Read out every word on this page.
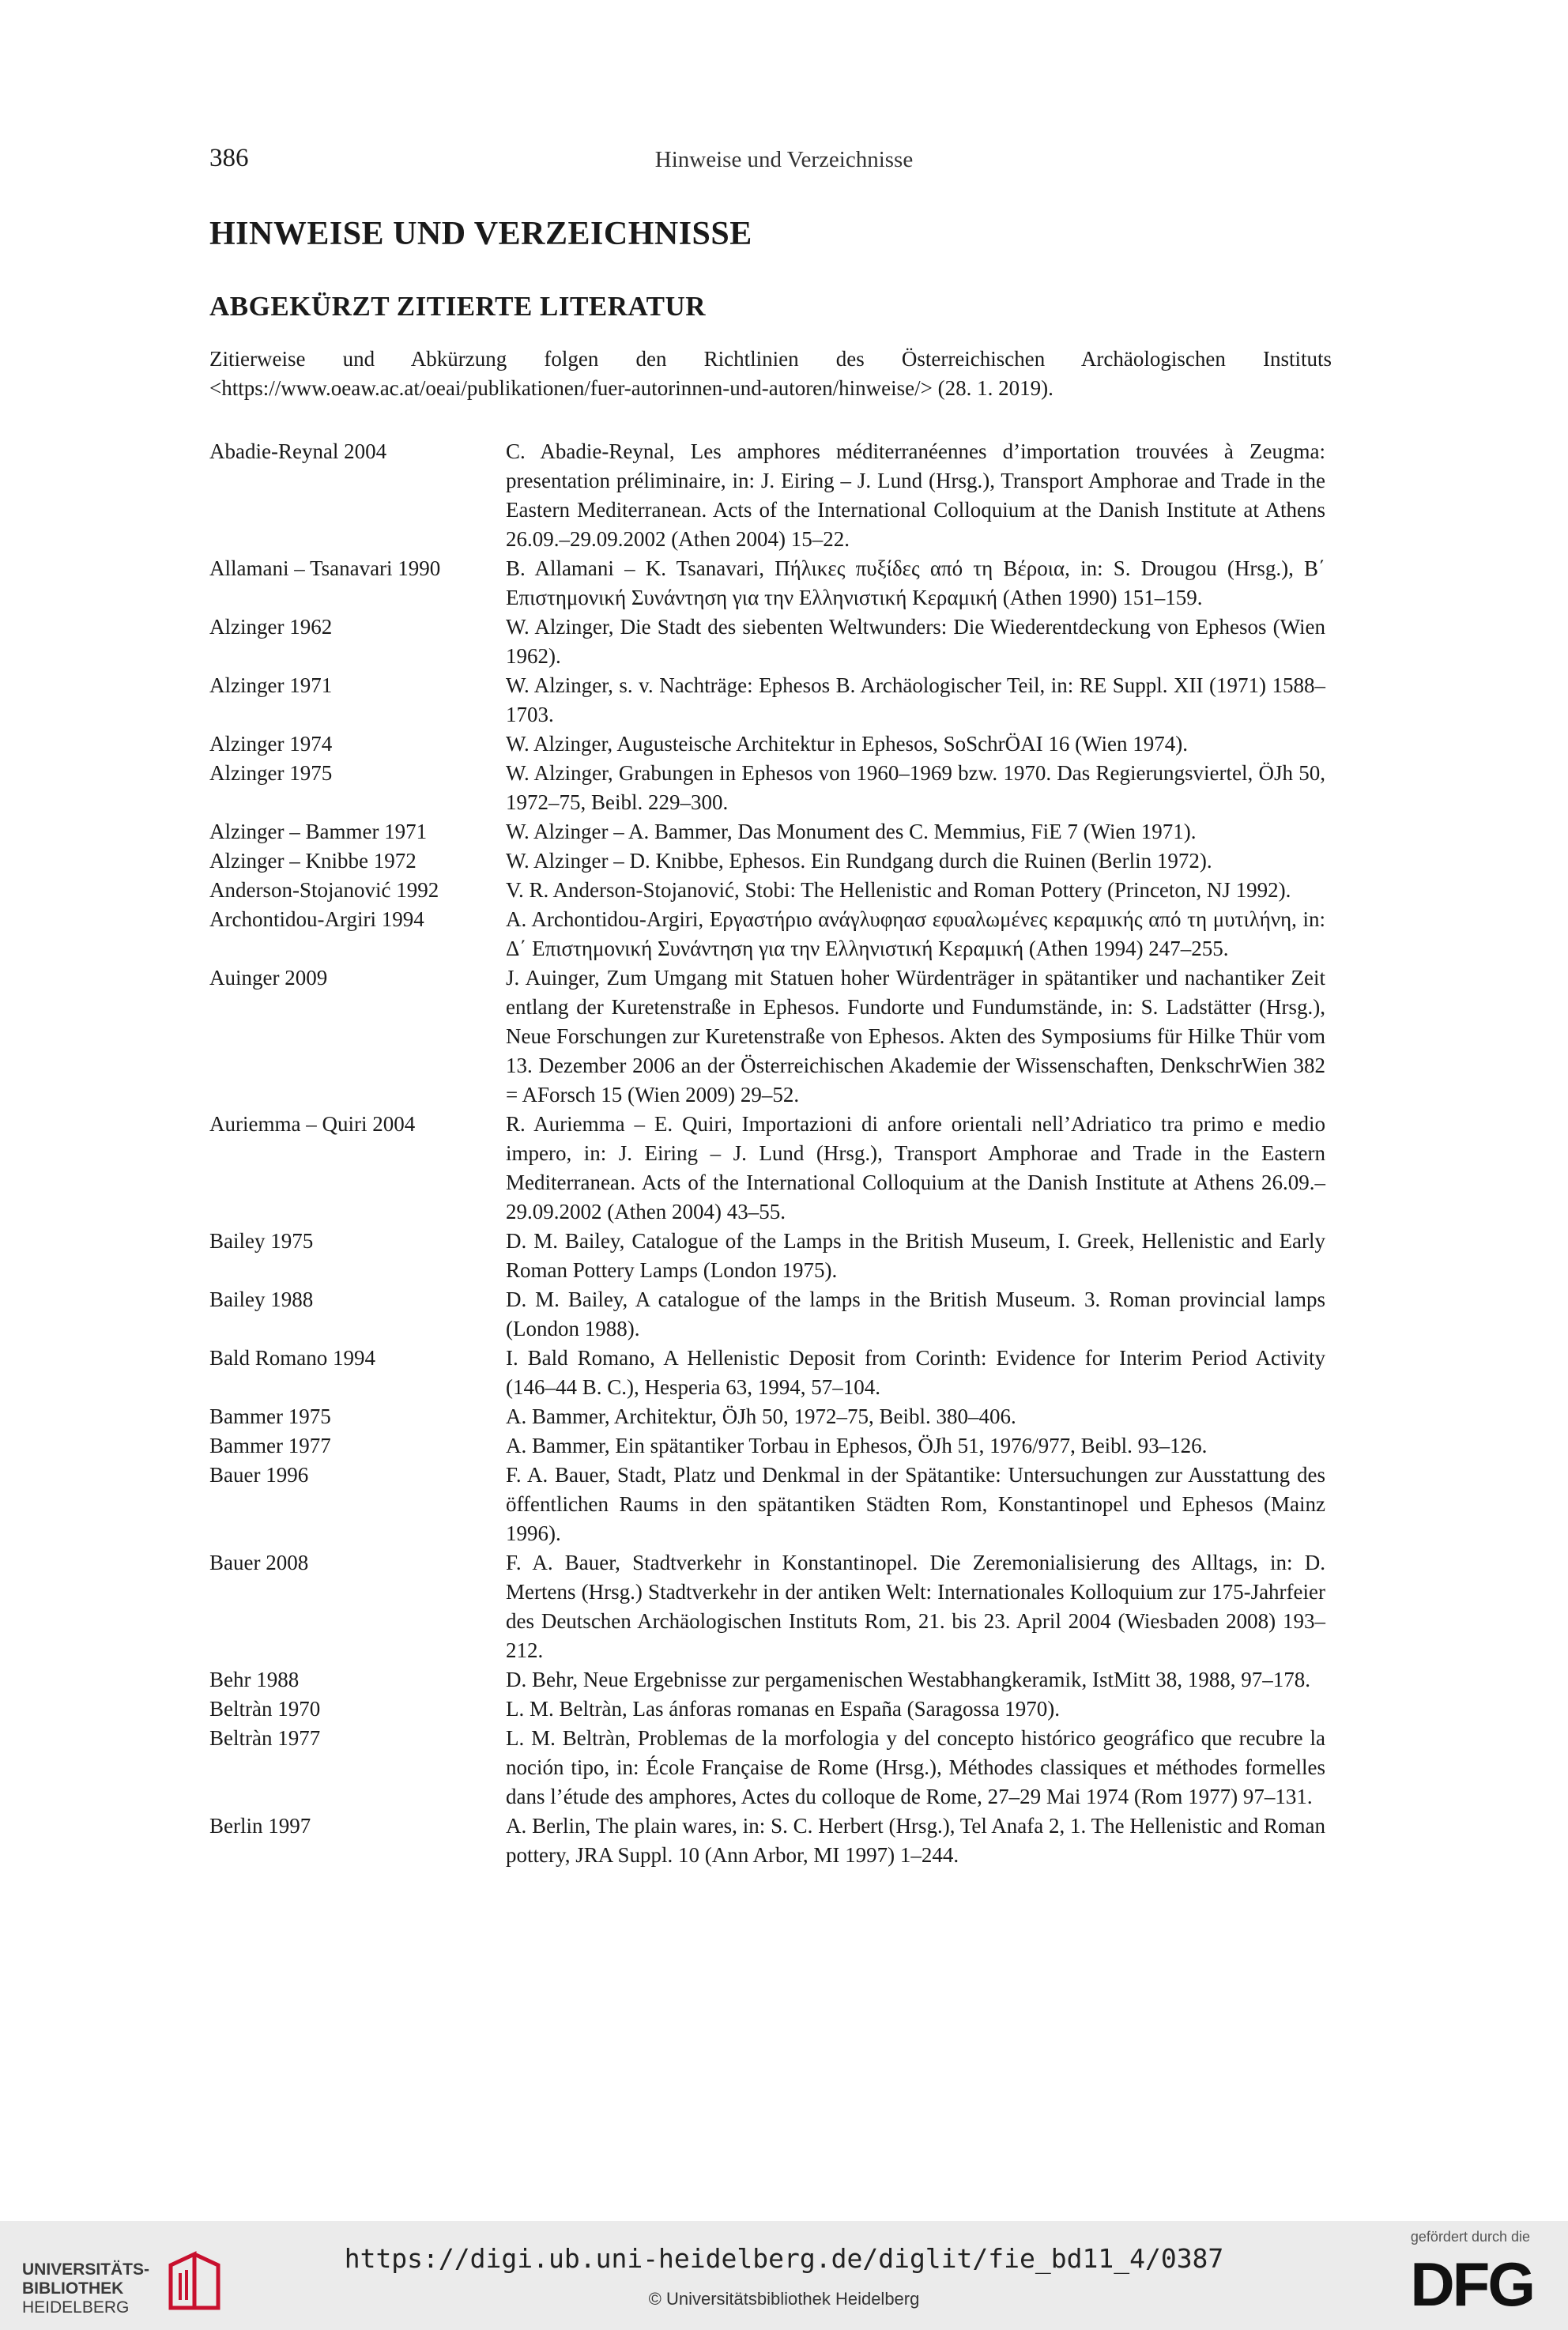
386	Hinweise und Verzeichnisse
HINWEISE UND VERZEICHNISSE
ABGEKÜRZT ZITIERTE LITERATUR

Zitierweise und Abkürzung folgen den Richtlinien des Österreichischen Archäologischen Instituts <https://www.oeaw.ac.at/oeai/publikationen/fuer-autorinnen-und-autoren/hinweise/> (28. 1. 2019).

Abadie-Reynal 2004	C. Abadie-Reynal, Les amphores méditerranéennes d’importation trouvées à Zeugma: presentation préliminaire, in: J. Eiring – J. Lund (Hrsg.), Transport Amphorae and Trade in the Eastern Mediterranean. Acts of the International Colloquium at the Danish Institute at Athens 26.09.–29.09.2002 (Athen 2004) 15–22.
Allamani – Tsanavari 1990	B. Allamani – K. Tsanavari, Πήλικες πυξίδες από τη Βέροια, in: S. Drougou (Hrsg.), Β΄ Επιστημονική Συνάντηση για την Ελληνιστική Κεραμική (Athen 1990) 151–159.
Alzinger 1962	W. Alzinger, Die Stadt des siebenten Weltwunders: Die Wiederentdeckung von Ephesos (Wien 1962).
Alzinger 1971	W. Alzinger, s. v. Nachträge: Ephesos B. Archäologischer Teil, in: RE Suppl. XII (1971) 1588–1703.
Alzinger 1974	W. Alzinger, Augusteische Architektur in Ephesos, SoSchrÖAI 16 (Wien 1974).
Alzinger 1975	W. Alzinger, Grabungen in Ephesos von 1960–1969 bzw. 1970. Das Regierungsviertel, ÖJh 50, 1972–75, Beibl. 229–300.
Alzinger – Bammer 1971	W. Alzinger – A. Bammer, Das Monument des C. Memmius, FiE 7 (Wien 1971).
Alzinger – Knibbe 1972	W. Alzinger – D. Knibbe, Ephesos. Ein Rundgang durch die Ruinen (Berlin 1972).
Anderson-Stojanović 1992	V. R. Anderson-Stojanović, Stobi: The Hellenistic and Roman Pottery (Princeton, NJ 1992).
Archontidou-Argiri 1994	A. Archontidou-Argiri, Εργαστήριο ανάγλυφηασ εφυαλωμένες κεραμικής από τη μυτιλήνη, in: Δ΄ Επιστημονική Συνάντηση για την Ελληνιστική Κεραμική (Athen 1994) 247–255.
Auinger 2009	J. Auinger, Zum Umgang mit Statuen hoher Würdenträger in spätantiker und nachantiker Zeit entlang der Kuretenstraße in Ephesos. Fundorte und Fundumstände, in: S. Ladstätter (Hrsg.), Neue Forschungen zur Kuretenstraße von Ephesos. Akten des Symposiums für Hilke Thür vom 13. Dezember 2006 an der Österreichischen Akademie der Wissenschaften, DenkschrWien 382 = AForsch 15 (Wien 2009) 29–52.
Auriemma – Quiri 2004	R. Auriemma – E. Quiri, Importazioni di anfore orientali nell’Adriatico tra primo e medio impero, in: J. Eiring – J. Lund (Hrsg.), Transport Amphorae and Trade in the Eastern Mediterranean. Acts of the International Colloquium at the Danish Institute at Athens 26.09.–29.09.2002 (Athen 2004) 43–55.
Bailey 1975	D. M. Bailey, Catalogue of the Lamps in the British Museum, I. Greek, Hellenistic and Early Roman Pottery Lamps (London 1975).
Bailey 1988	D. M. Bailey, A catalogue of the lamps in the British Museum. 3. Roman provincial lamps (London 1988).
Bald Romano 1994	I. Bald Romano, A Hellenistic Deposit from Corinth: Evidence for Interim Period Activity (146–44 B. C.), Hesperia 63, 1994, 57–104.
Bammer 1975	A. Bammer, Architektur, ÖJh 50, 1972–75, Beibl. 380–406.
Bammer 1977	A. Bammer, Ein spätantiker Torbau in Ephesos, ÖJh 51, 1976/977, Beibl. 93–126.
Bauer 1996	F. A. Bauer, Stadt, Platz und Denkmal in der Spätantike: Untersuchungen zur Ausstattung des öffentlichen Raums in den spätantiken Städten Rom, Konstantinopel und Ephesos (Mainz 1996).
Bauer 2008	F. A. Bauer, Stadtverkehr in Konstantinopel. Die Zeremonialisierung des Alltags, in: D. Mertens (Hrsg.) Stadtverkehr in der antiken Welt: Internationales Kolloquium zur 175-Jahrfeier des Deutschen Archäologischen Instituts Rom, 21. bis 23. April 2004 (Wiesbaden 2008) 193–212.
Behr 1988	D. Behr, Neue Ergebnisse zur pergamenischen Westabhangkeramik, IstMitt 38, 1988, 97–178.
Beltràn 1970	L. M. Beltràn, Las ánforas romanas en España (Saragossa 1970).
Beltràn 1977	L. M. Beltràn, Problemas de la morfologia y del concepto histórico geográfico que recubre la noción tipo, in: École Française de Rome (Hrsg.), Méthodes classiques et méthodes formelles dans l’étude des amphores, Actes du colloque de Rome, 27–29 Mai 1974 (Rom 1977) 97–131.
Berlin 1997	A. Berlin, The plain wares, in: S. C. Herbert (Hrsg.), Tel Anafa 2, 1. The Hellenistic and Roman pottery, JRA Suppl. 10 (Ann Arbor, MI 1997) 1–244.
UNIVERSITÄTS-
BIBLIOTHEK
HEIDELBERG
https://digi.ub.uni-heidelberg.de/diglit/fie_bd11_4/0387
© Universitätsbibliothek Heidelberg
gefördert durch die
DFG
